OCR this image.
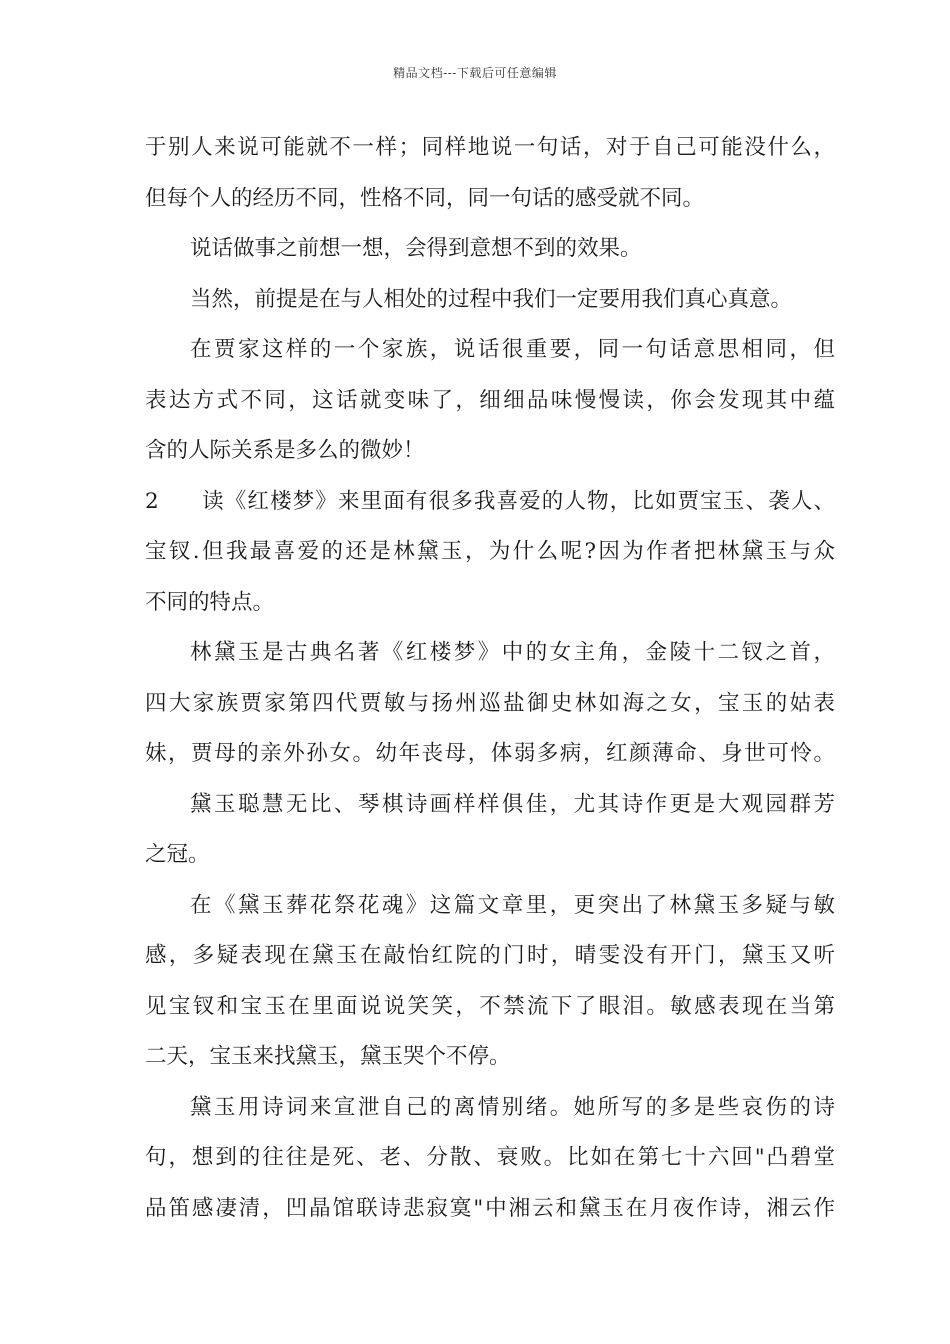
精品文档---下载后可任意编辑
于别人来说可能就不一样；同样地说一句话，对于自己可能没什么，
但每个人的经历不同，性格不同，同一句话的感受就不同。
说话做事之前想一想，会得到意想不到的效果。
当然，前提是在与人相处的过程中我们一定要用我们真心真意。
在贾家这样的一个家族，说话很重要，同一句话意思相同，但
表达方式不同，这话就变味了，细细品味慢慢读，你会发现其中蕴
含的人际关系是多么的微妙！
2 读《红楼梦》来里面有很多我喜爱的人物，比如贾宝玉、袭人、
宝钗.但我最喜爱的还是林黛玉，为什么呢?因为作者把林黛玉与众
不同的特点。
林黛玉是古典名著《红楼梦》中的女主角，金陵十二钗之首，
四大家族贾家第四代贾敏与扬州巡盐御史林如海之女，宝玉的姑表
妹，贾母的亲外孙女。幼年丧母，体弱多病，红颜薄命、身世可怜。
黛玉聪慧无比、琴棋诗画样样俱佳，尤其诗作更是大观园群芳
之冠。
在《黛玉葬花祭花魂》这篇文章里，更突出了林黛玉多疑与敏
感，多疑表现在黛玉在敲怡红院的门时，晴雯没有开门，黛玉又听
见宝钗和宝玉在里面说说笑笑，不禁流下了眼泪。敏感表现在当第
二天，宝玉来找黛玉，黛玉哭个不停。
黛玉用诗词来宣泄自己的离情别绪。她所写的多是些哀伤的诗
句，想到的往往是死、老、分散、衰败。比如在第七十六回"凸碧堂
品笛感凄清，凹晶馆联诗悲寂寞"中湘云和黛玉在月夜作诗，湘云作
